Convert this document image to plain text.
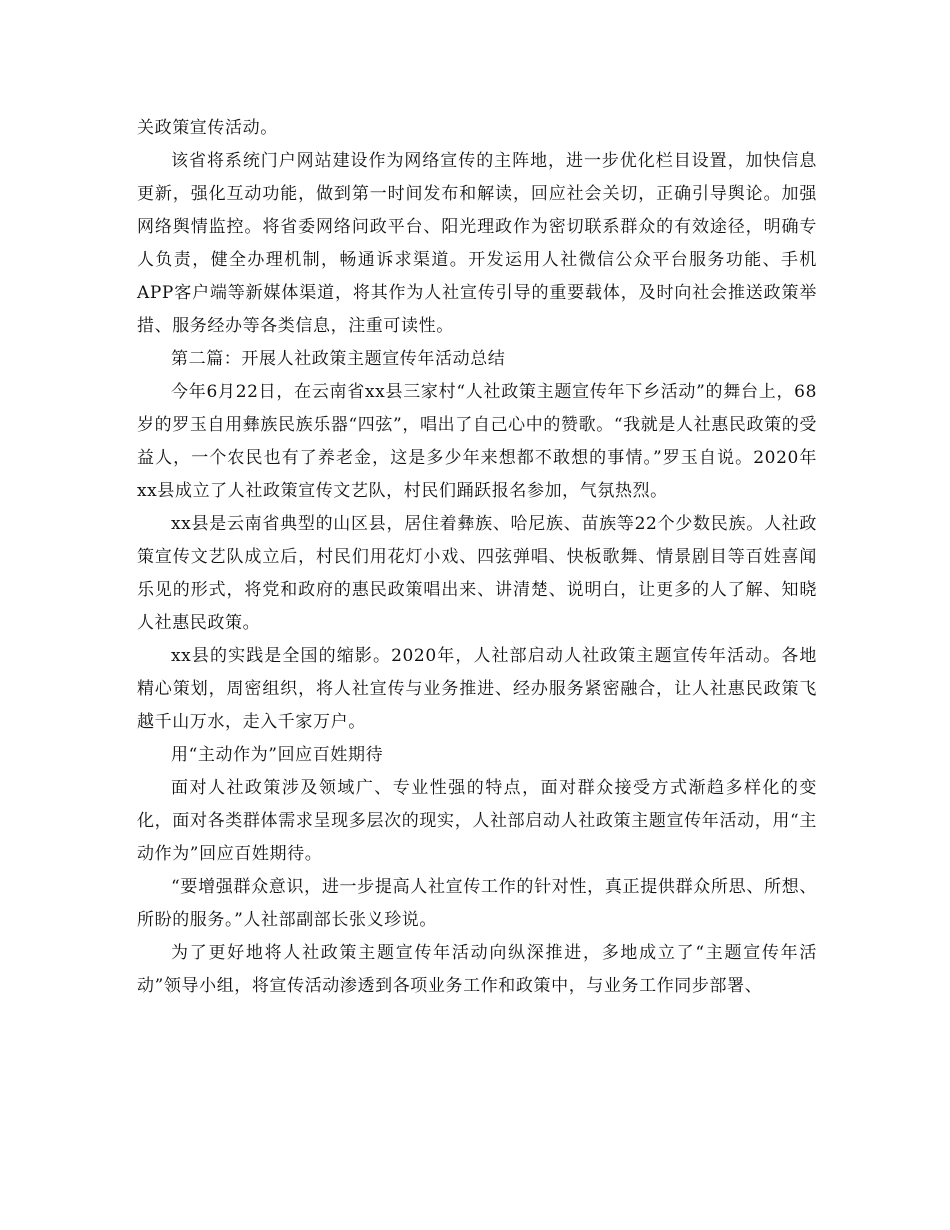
关政策宣传活动。

该省将系统门户网站建设作为网络宣传的主阵地，进一步优化栏目设置，加快信息更新，强化互动功能，做到第一时间发布和解读，回应社会关切，正确引导舆论。加强网络舆情监控。将省委网络问政平台、阳光理政作为密切联系群众的有效途径，明确专人负责，健全办理机制，畅通诉求渠道。开发运用人社微信公众平台服务功能、手机APP客户端等新媒体渠道，将其作为人社宣传引导的重要载体，及时向社会推送政策举措、服务经办等各类信息，注重可读性。

第二篇：开展人社政策主题宣传年活动总结

今年6月22日，在云南省xx县三家村“人社政策主题宣传年下乡活动”的舞台上，68岁的罗玉自用彝族民族乐器“四弦”，唱出了自己心中的赞歌。“我就是人社惠民政策的受益人，一个农民也有了养老金，这是多少年来想都不敢想的事情。”罗玉自说。2020年xx县成立了人社政策宣传文艺队，村民们踊跃报名参加，气氛热烈。

xx县是云南省典型的山区县，居住着彝族、哈尼族、苗族等22个少数民族。人社政策宣传文艺队成立后，村民们用花灯小戏、四弦弹唱、快板歌舞、情景剧目等百姓喜闻乐见的形式，将党和政府的惠民政策唱出来、讲清楚、说明白，让更多的人了解、知晓人社惠民政策。

xx县的实践是全国的缩影。2020年，人社部启动人社政策主题宣传年活动。各地精心策划，周密组织，将人社宣传与业务推进、经办服务紧密融合，让人社惠民政策飞越千山万水，走入千家万户。

用“主动作为”回应百姓期待

面对人社政策涉及领域广、专业性强的特点，面对群众接受方式渐趋多样化的变化，面对各类群体需求呈现多层次的现实，人社部启动人社政策主题宣传年活动，用“主动作为”回应百姓期待。

“要增强群众意识，进一步提高人社宣传工作的针对性，真正提供群众所思、所想、所盼的服务。”人社部副部长张义珍说。

为了更好地将人社政策主题宣传年活动向纵深推进，多地成立了“主题宣传年活动”领导小组，将宣传活动渗透到各项业务工作和政策中，与业务工作同步部署、
